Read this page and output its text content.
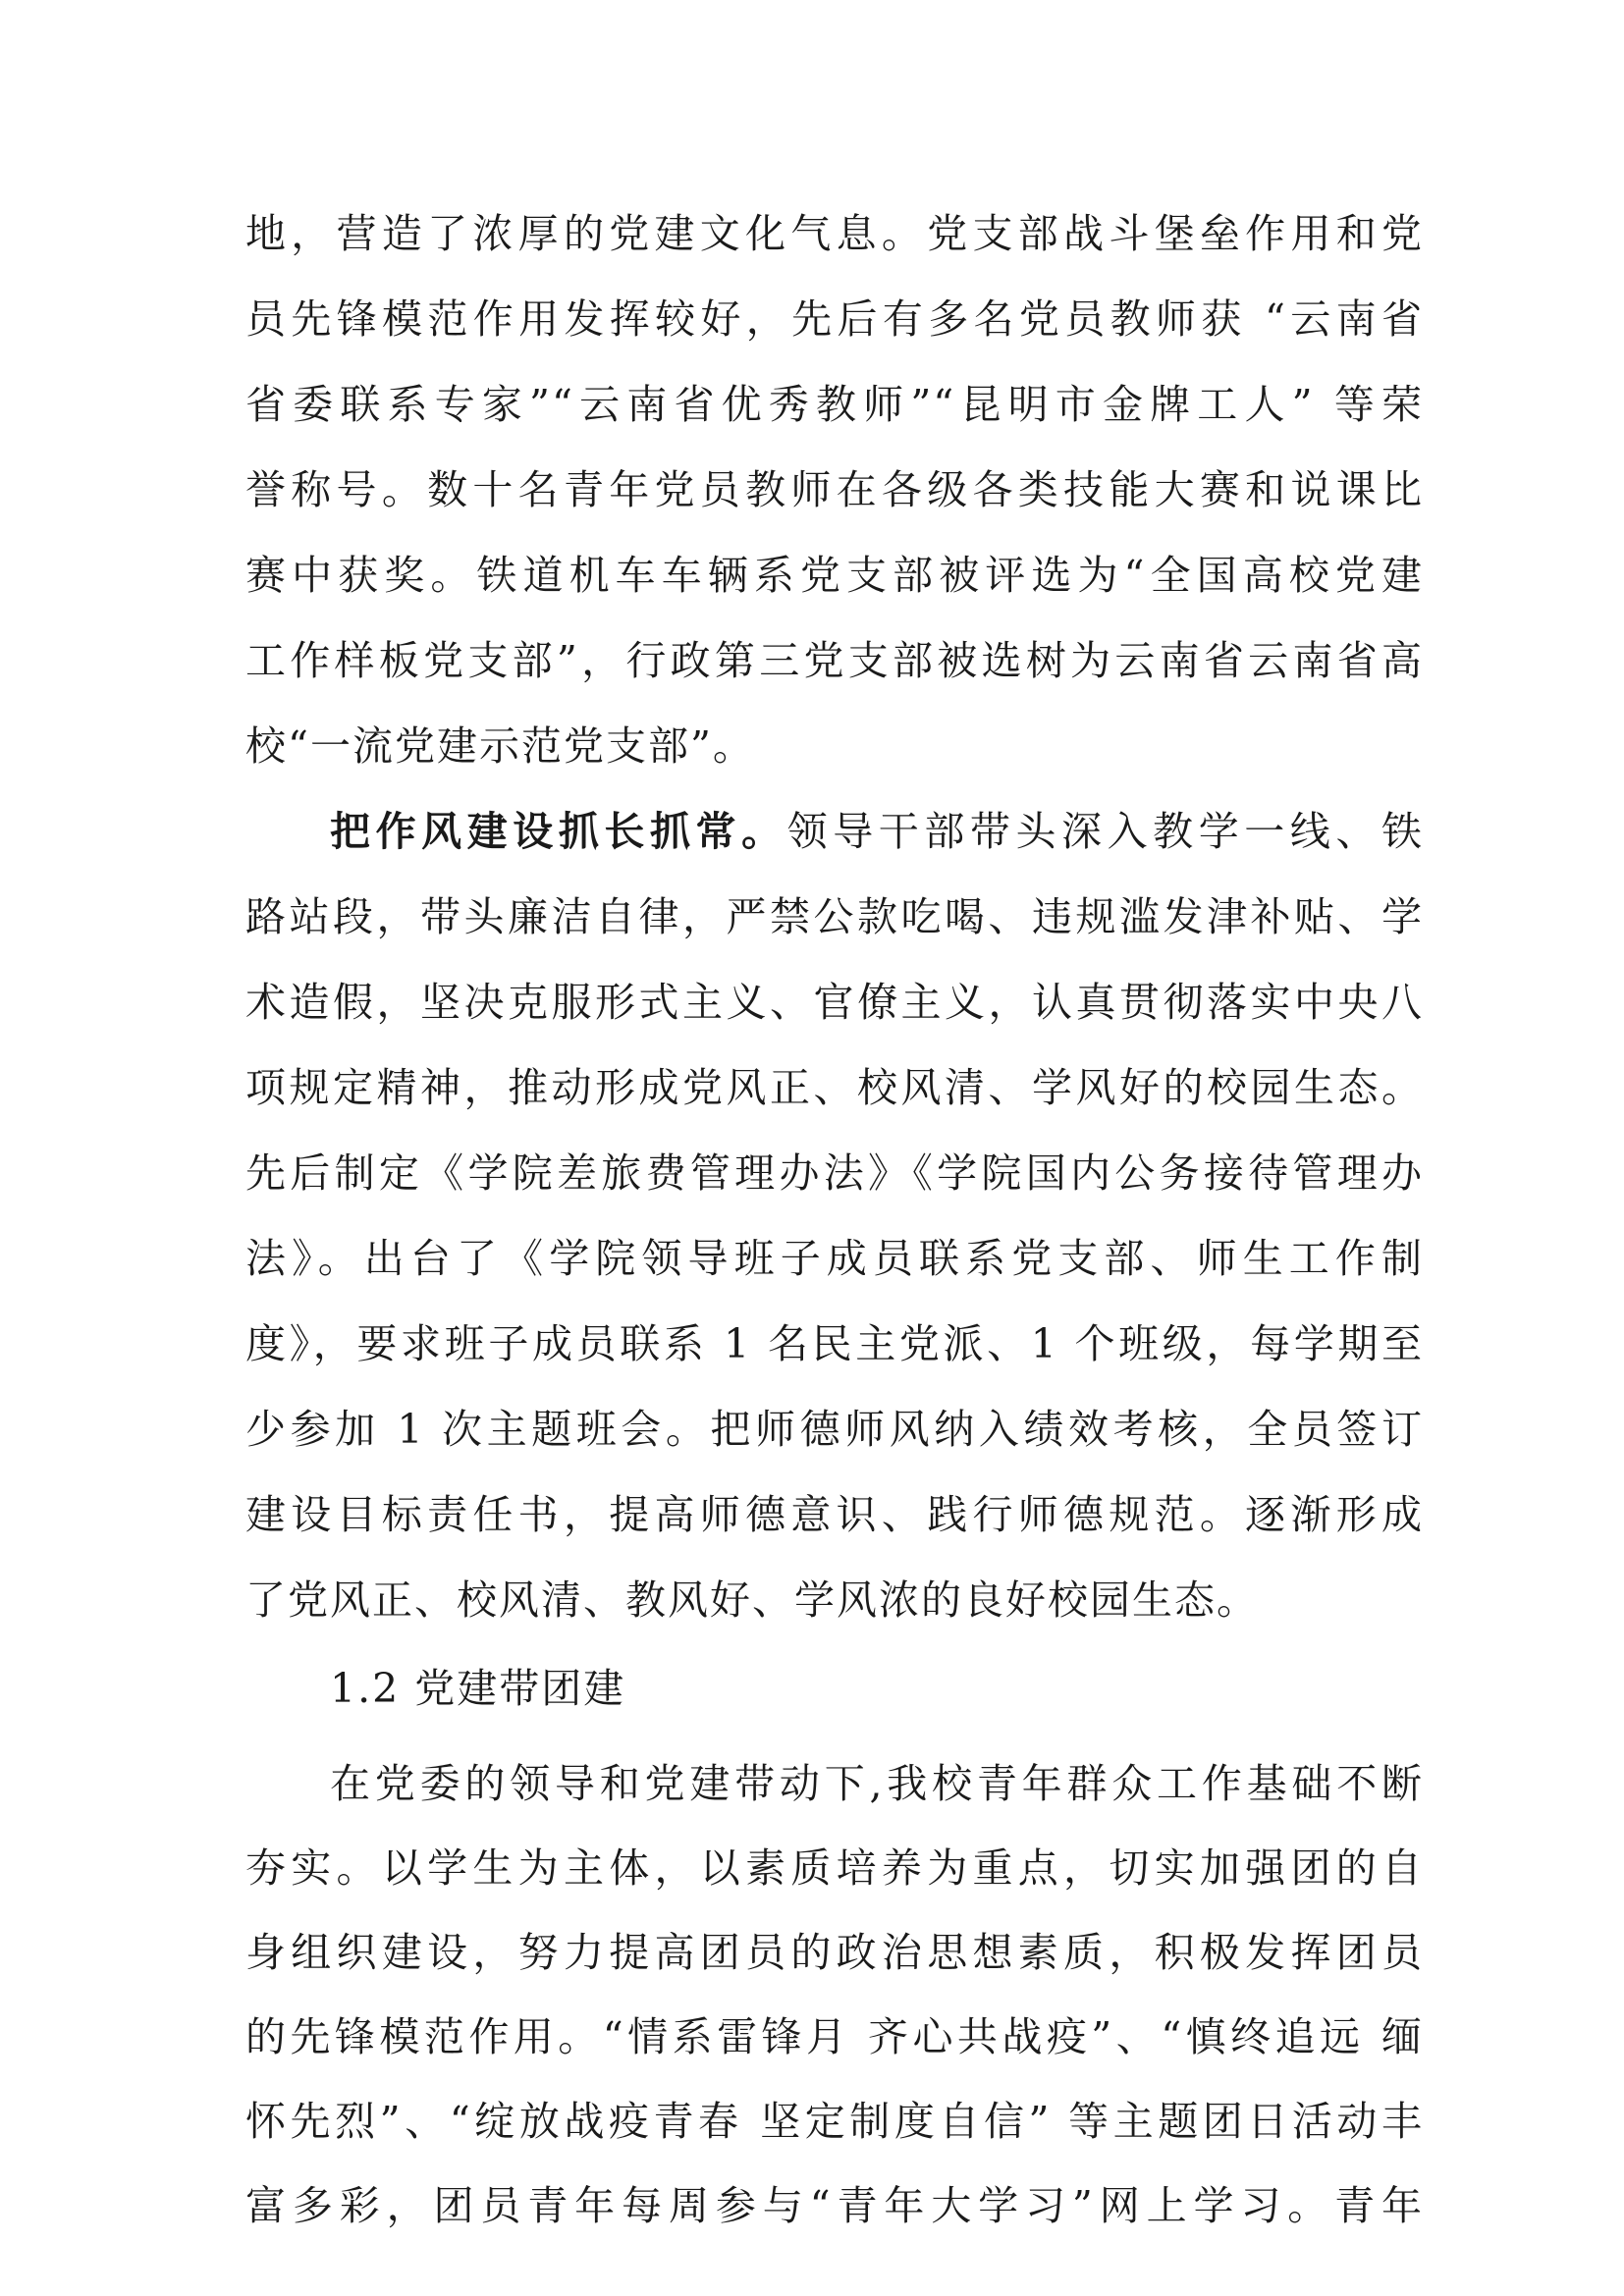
地，营造了浓厚的党建文化气息。党支部战斗堡垒作用和党
员先锋模范作用发挥较好，先后有多名党员教师获 “云南省
省委联系专家”“云南省优秀教师”“昆明市金牌工人” 等荣
誉称号。数十名青年党员教师在各级各类技能大赛和说课比
赛中获奖。铁道机车车辆系党支部被评选为“全国高校党建
工作样板党支部”，行政第三党支部被选树为云南省云南省高
校“一流党建示范党支部”。
把作风建设抓长抓常。领导干部带头深入教学一线、铁
路站段，带头廉洁自律，严禁公款吃喝、违规滥发津补贴、学
术造假，坚决克服形式主义、官僚主义，认真贯彻落实中央八
项规定精神，推动形成党风正、校风清、学风好的校园生态。
先后制定《学院差旅费管理办法》《学院国内公务接待管理办
法》。出台了《学院领导班子成员联系党支部、师生工作制
度》，要求班子成员联系 1 名民主党派、1 个班级，每学期至
少参加 1 次主题班会。把师德师风纳入绩效考核，全员签订
建设目标责任书，提高师德意识、践行师德规范。逐渐形成
了党风正、校风清、教风好、学风浓的良好校园生态。
1.2 党建带团建
在党委的领导和党建带动下,我校青年群众工作基础不断
夯实。以学生为主体，以素质培养为重点，切实加强团的自
身组织建设，努力提高团员的政治思想素质，积极发挥团员
的先锋模范作用。“情系雷锋月 齐心共战疫”、“慎终追远 缅
怀先烈”、“绽放战疫青春 坚定制度自信” 等主题团日活动丰
富多彩，团员青年每周参与“青年大学习”网上学习。青年
